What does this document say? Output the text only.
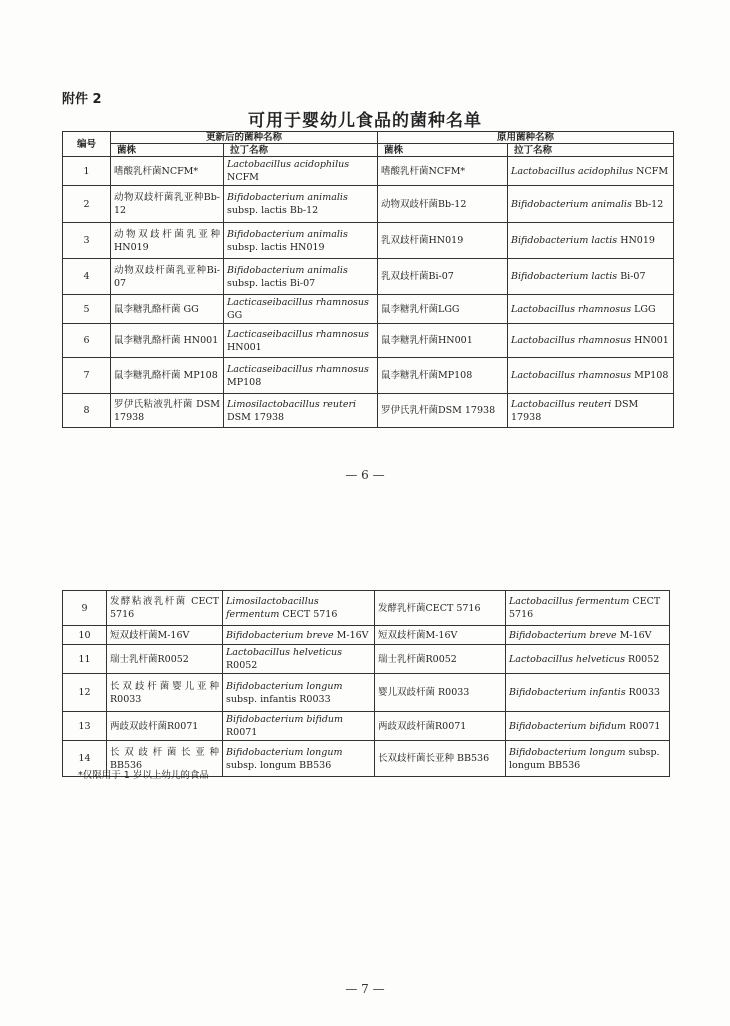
附件 2
可用于婴幼儿食品的菌种名单
编号	更新后的菌种名称		原用菌种名称	
	菌株	拉丁名称	菌株	拉丁名称
1	嗜酸乳杆菌NCFM*	Lactobacillus acidophilus NCFM	嗜酸乳杆菌NCFM*	Lactobacillus acidophilus NCFM
2	动物双歧杆菌乳亚种Bb-12	Bifidobacterium animalis subsp. lactis Bb-12	动物双歧杆菌Bb-12	Bifidobacterium animalis Bb-12
3	动物双歧杆菌乳亚种HN019	Bifidobacterium animalis subsp. lactis HN019	乳双歧杆菌HN019	Bifidobacterium lactis HN019
4	动物双歧杆菌乳亚种Bi-07	Bifidobacterium animalis subsp. lactis Bi-07	乳双歧杆菌Bi-07	Bifidobacterium lactis Bi-07
5	鼠李糖乳酪杆菌 GG	Lacticaseibacillus rhamnosus GG	鼠李糖乳杆菌LGG	Lactobacillus rhamnosus LGG
6	鼠李糖乳酪杆菌 HN001	Lacticaseibacillus rhamnosus HN001	鼠李糖乳杆菌HN001	Lactobacillus rhamnosus HN001
7	鼠李糖乳酪杆菌 MP108	Lacticaseibacillus rhamnosus MP108	鼠李糖乳杆菌MP108	Lactobacillus rhamnosus MP108
8	罗伊氏粘液乳杆菌 DSM 17938	Limosilactobacillus reuteri DSM 17938	罗伊氏乳杆菌DSM 17938	Lactobacillus reuteri DSM 17938
— 6 —
9	发酵粘液乳杆菌 CECT 5716	Limosilactobacillus fermentum CECT 5716	发酵乳杆菌CECT 5716	Lactobacillus fermentum CECT 5716
10	短双歧杆菌M-16V	Bifidobacterium breve M-16V	短双歧杆菌M-16V	Bifidobacterium breve M-16V
11	瑞士乳杆菌R0052	Lactobacillus helveticus R0052	瑞士乳杆菌R0052	Lactobacillus helveticus R0052
12	长双歧杆菌婴儿亚种 R0033	Bifidobacterium longum subsp. infantis R0033	婴儿双歧杆菌 R0033	Bifidobacterium infantis R0033
13	两歧双歧杆菌R0071	Bifidobacterium bifidum R0071	两歧双歧杆菌R0071	Bifidobacterium bifidum R0071
14	长双歧杆菌长亚种 BB536	Bifidobacterium longum subsp. longum BB536	长双歧杆菌长亚种 BB536	Bifidobacterium longum subsp. longum BB536
*仅限用于 1 岁以上幼儿的食品
— 7 —
